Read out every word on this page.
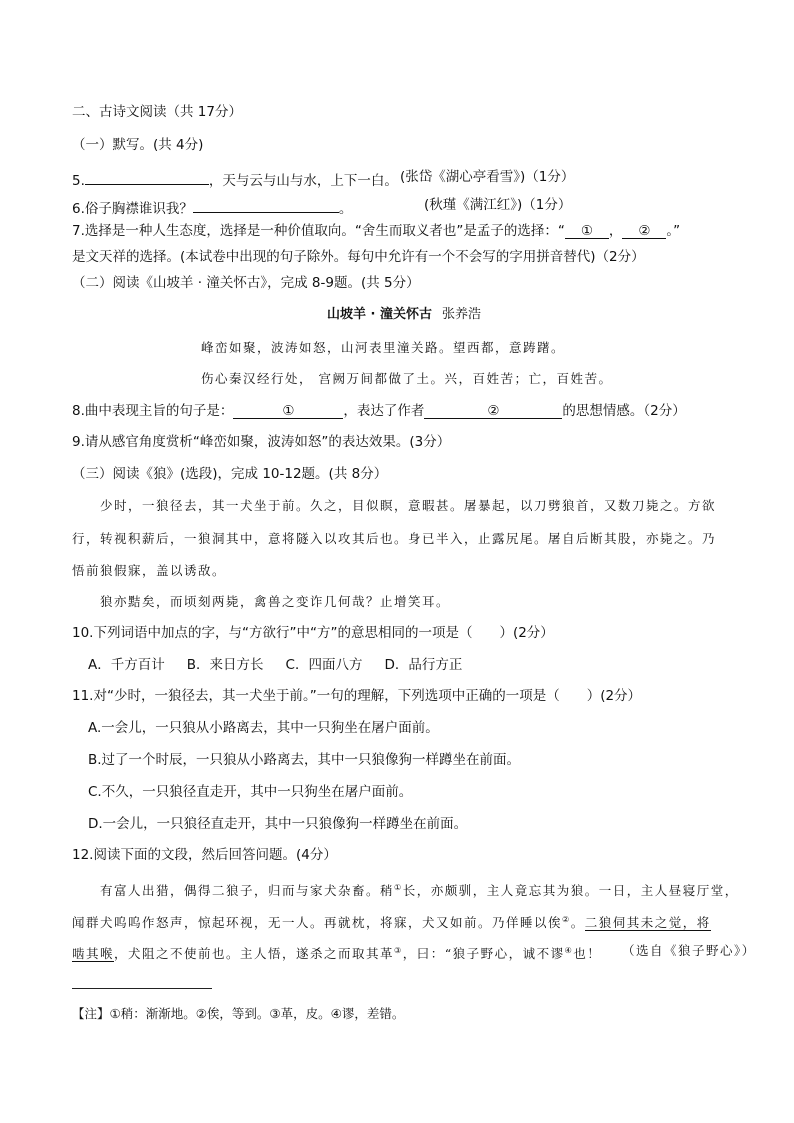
二、古诗文阅读（共 17分）
（一）默写。(共 4分)
5.	，天与云与山与水，上下一白。 (张岱《湖心亭看雪》)（1分）
6.俗子胸襟谁识我？	。	(秋瑾《满江红》)（1分）
7.选择是一种人生态度，选择是一种价值取向。“舍生而取义者也”是孟子的选择：“ ① ， ② 。”
是文天祥的选择。(本试卷中出现的句子除外。每句中允许有一个不会写的字用拼音替代)（2分）
（二）阅读《山坡羊 · 潼关怀古》，完成 8-9题。(共 5分）
山坡羊 · 潼关怀古 张养浩
峰峦如聚，波涛如怒，山河表里潼关路。望西都，意踌躇。
伤心秦汉经行处， 宫阙万间都做了土。兴，百姓苦；亡，百姓苦。
8.曲中表现主旨的句子是：	①	，表达了作者	②	的思想情感。（2分）
9.请从感官角度赏析“峰峦如聚，波涛如怒”的表达效果。(3分）
（三）阅读《狼》(选段)，完成 10-12题。(共 8分）
少时，一狼径去，其一犬坐于前。久之，目似瞑，意暇甚。屠暴起，以刀劈狼首，又数刀毙之。方欲
行，转视积薪后，一狼洞其中，意将隧入以攻其后也。身已半入，止露尻尾。屠自后断其股，亦毙之。乃
悟前狼假寐，盖以诱敌。
狼亦黠矣，而顷刻两毙，禽兽之变诈几何哉？止增笑耳。
10.下列词语中加点的字，与“方欲行”中“方”的意思相同的一项是（　　）(2分）
A．千方百计 B．来日方长 C．四面八方 D．品行方正
11.对“少时，一狼径去，其一犬坐于前。”一句的理解，下列选项中正确的一项是（　　）(2分）
A.一会儿，一只狼从小路离去，其中一只狗坐在屠户面前。
B.过了一个时辰，一只狼从小路离去，其中一只狼像狗一样蹲坐在前面。
C.不久，一只狼径直走开，其中一只狗坐在屠户面前。
D.一会儿，一只狼径直走开，其中一只狼像狗一样蹲坐在前面。
12.阅读下面的文段，然后回答问题。(4分）
有富人出猎，偶得二狼子，归而与家犬杂畜。稍①长，亦颇驯，主人竟忘其为狼。一日，主人昼寝厅堂，
闻群犬呜呜作怒声，惊起环视，无一人。再就枕，将寐，犬又如前。乃佯睡以俟②。二狼伺其未之觉，将
啮其喉，犬阻之不使前也。主人悟，遂杀之而取其革③，曰：“狼子野心，诚不谬④也！ （选自《狼子野心》）
【注】①稍：渐渐地。②俟，等到。③革，皮。④谬，差错。
